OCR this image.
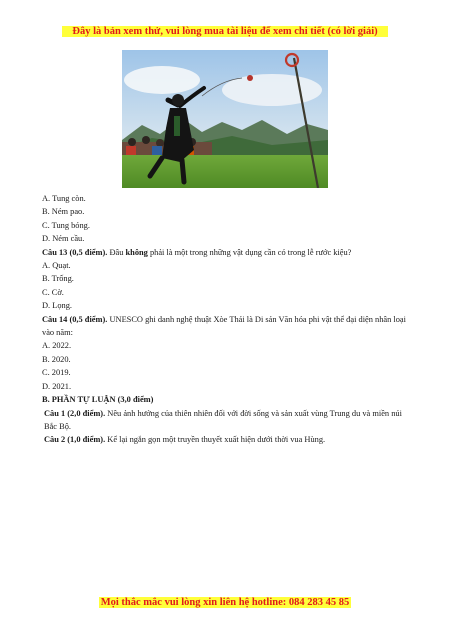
Đây là bản xem thử, vui lòng mua tài liệu để xem chi tiết (có lời giải)

A. Tung còn.

B. Ném pao.

C. Tung bóng.

D. Ném cầu.

Câu 13 (0,5 điểm). Đâu không phải là một trong những vật dụng cần có trong lễ rước kiệu?

A. Quạt.

B. Trống.

C. Cờ.

D. Lọng.

Câu 14 (0,5 điểm). UNESCO ghi danh nghệ thuật Xòe Thái là Di sản Văn hóa phi vật thể đại diện nhân loại vào năm:

A. 2022.

B. 2020.

C. 2019.

D. 2021.

B. PHẦN TỰ LUẬN (3,0 điểm)

Câu 1 (2,0 điểm). Nêu ảnh hưởng của thiên nhiên đối với đời sống và sản xuất vùng Trung du và miền núi Bắc Bộ.

Câu 2 (1,0 điểm). Kể lại ngắn gọn một truyền thuyết xuất hiện dưới thời vua Hùng.

Mọi thắc mắc vui lòng xin liên hệ hotline: 084 283 45 85
